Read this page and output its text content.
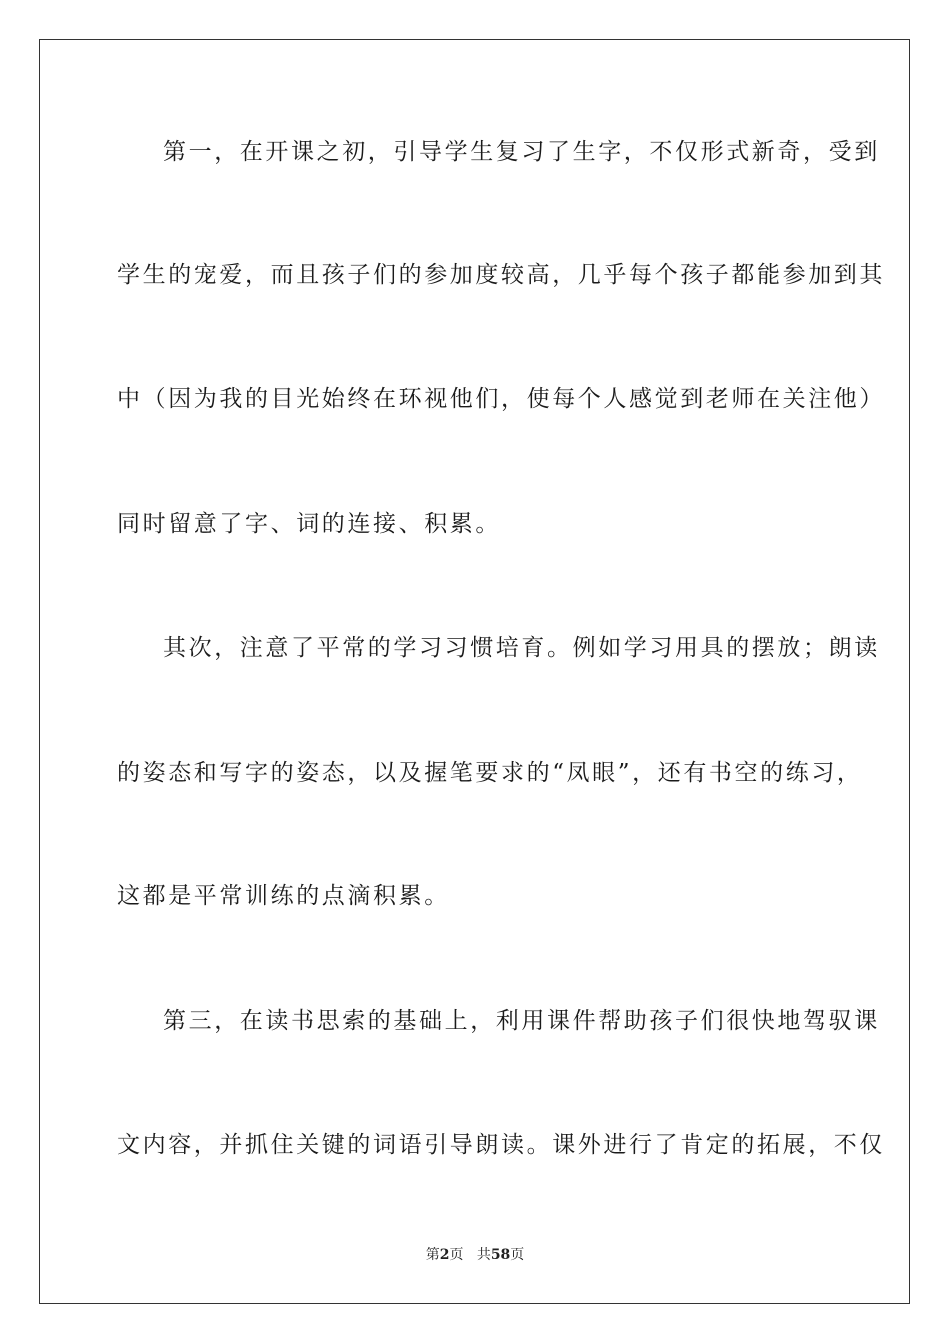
第一，在开课之初，引导学生复习了生字，不仅形式新奇，受到
学生的宠爱，而且孩子们的参加度较高，几乎每个孩子都能参加到其
中（因为我的目光始终在环视他们，使每个人感觉到老师在关注他）
同时留意了字、词的连接、积累。
其次，注意了平常的学习习惯培育。例如学习用具的摆放；朗读
的姿态和写字的姿态，以及握笔要求的“凤眼”，还有书空的练习，
这都是平常训练的点滴积累。
第三，在读书思索的基础上，利用课件帮助孩子们很快地驾驭课
文内容，并抓住关键的词语引导朗读。课外进行了肯定的拓展，不仅
第2页 共58页
